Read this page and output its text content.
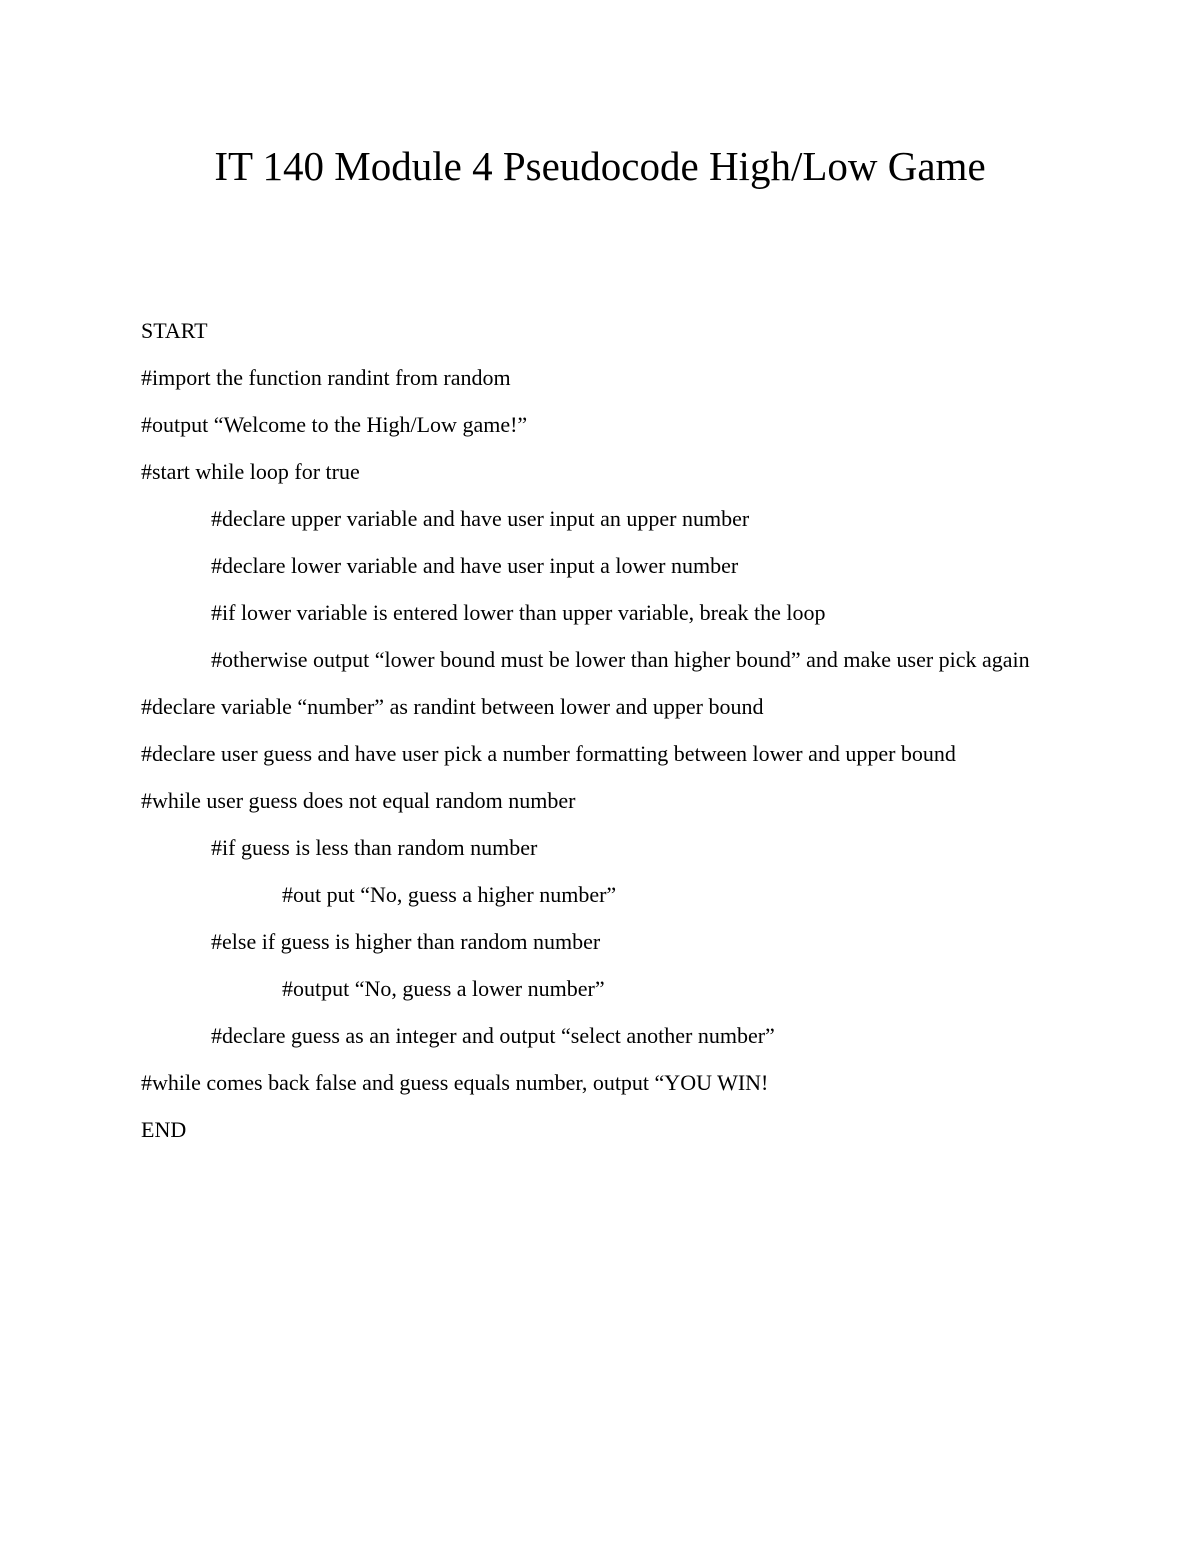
IT 140 Module 4 Pseudocode High/Low Game
START
#import the function randint from random
#output “Welcome to the High/Low game!”
#start while loop for true
#declare upper variable and have user input an upper number
#declare lower variable and have user input a lower number
#if lower variable is entered lower than upper variable, break the loop
#otherwise output “lower bound must be lower than higher bound” and make user pick again
#declare variable “number” as randint between lower and upper bound
#declare user guess and have user pick a number formatting between lower and upper bound
#while user guess does not equal random number
#if guess is less than random number
#out put “No, guess a higher number”
#else if guess is higher than random number
#output “No, guess a lower number”
#declare guess as an integer and output “select another number”
#while comes back false and guess equals number, output “YOU WIN!
END
